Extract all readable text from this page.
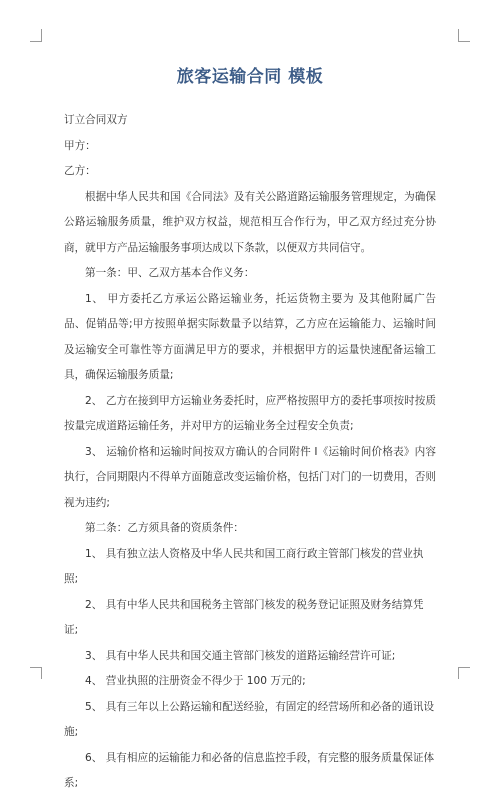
旅客运输合同 模板

订立合同双方

甲方：

乙方：

根据中华人民共和国《合同法》及有关公路道路运输服务管理规定，为确保公路运输服务质量，维护双方权益，规范相互合作行为，甲乙双方经过充分协商，就甲方产品运输服务事项达成以下条款，以便双方共同信守。

第一条：甲、乙双方基本合作义务：

1、 甲方委托乙方承运公路运输业务，托运货物主要为 及其他附属广告品、促销品等;甲方按照单据实际数量予以结算，乙方应在运输能力、运输时间及运输安全可靠性等方面满足甲方的要求，并根据甲方的运量快速配备运输工具，确保运输服务质量;

2、 乙方在接到甲方运输业务委托时，应严格按照甲方的委托事项按时按质按量完成道路运输任务，并对甲方的运输业务全过程安全负责;

3、 运输价格和运输时间按双方确认的合同附件 I《运输时间价格表》内容执行，合同期限内不得单方面随意改变运输价格，包括门对门的一切费用，否则视为违约;

第二条：乙方须具备的资质条件：

1、 具有独立法人资格及中华人民共和国工商行政主管部门核发的营业执照;

2、 具有中华人民共和国税务主管部门核发的税务登记证照及财务结算凭证;

3、 具有中华人民共和国交通主管部门核发的道路运输经营许可证;

4、 营业执照的注册资金不得少于 100 万元的;

5、 具有三年以上公路运输和配送经验，有固定的经营场所和必备的通讯设施;

6、 具有相应的运输能力和必备的信息监控手段，有完整的服务质量保证体系;
